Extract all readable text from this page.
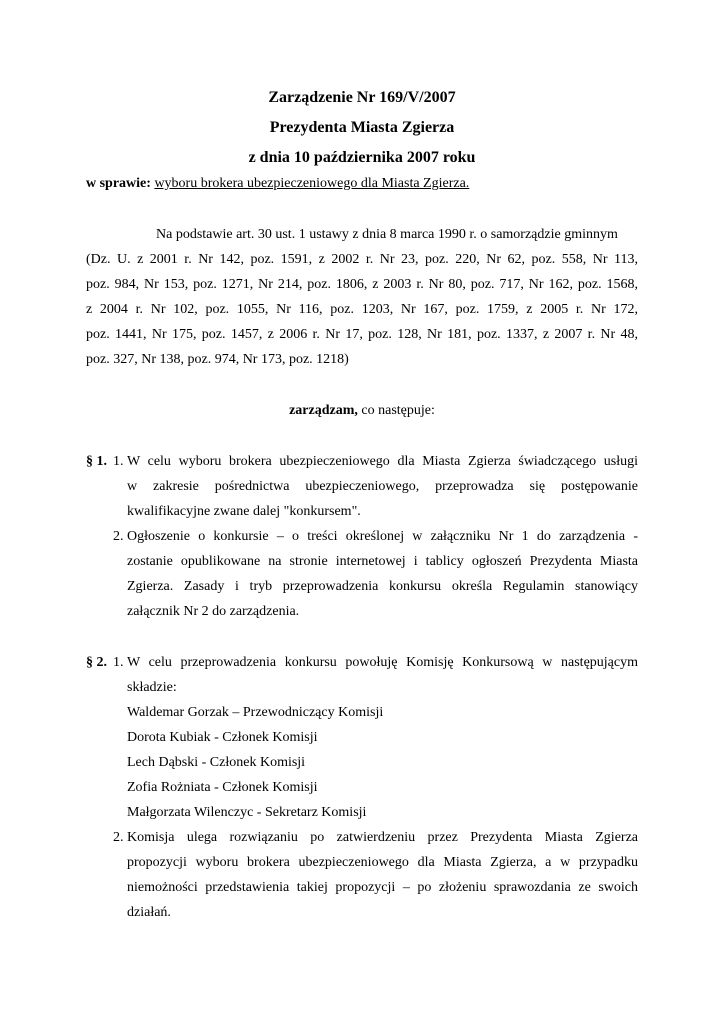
Zarządzenie Nr 169/V/2007
Prezydenta Miasta Zgierza
z dnia 10 października 2007 roku
w sprawie: wyboru brokera ubezpieczeniowego dla Miasta Zgierza.
Na podstawie art. 30 ust. 1 ustawy z dnia 8 marca 1990 r. o samorządzie gminnym
(Dz. U. z 2001 r. Nr 142, poz. 1591, z 2002 r. Nr 23, poz. 220, Nr 62, poz. 558, Nr 113,
poz. 984, Nr 153, poz. 1271, Nr 214, poz. 1806, z 2003 r. Nr 80, poz. 717, Nr 162, poz. 1568,
z 2004 r. Nr 102, poz. 1055, Nr 116, poz. 1203, Nr 167, poz. 1759, z 2005 r. Nr 172,
poz. 1441, Nr 175, poz. 1457, z 2006 r. Nr 17, poz. 128, Nr 181, poz. 1337, z 2007 r. Nr 48,
poz. 327, Nr 138, poz. 974, Nr 173, poz. 1218)
zarządzam, co następuje:
§ 1. 1. W celu wyboru brokera ubezpieczeniowego dla Miasta Zgierza świadczącego usługi
w zakresie pośrednictwa ubezpieczeniowego, przeprowadza się postępowanie
kwalifikacyjne zwane dalej "konkursem".
2. Ogłoszenie o konkursie – o treści określonej w załączniku Nr 1 do zarządzenia -
zostanie opublikowane na stronie internetowej i tablicy ogłoszeń Prezydenta Miasta
Zgierza. Zasady i tryb przeprowadzenia konkursu określa Regulamin stanowiący
załącznik Nr 2 do zarządzenia.
§ 2. 1. W celu przeprowadzenia konkursu powołuję Komisję Konkursową w następującym
składzie:
Waldemar Gorzak – Przewodniczący Komisji
Dorota Kubiak - Członek Komisji
Lech Dąbski - Członek Komisji
Zofia Rożniata - Członek Komisji
Małgorzata Wilenczyc - Sekretarz Komisji
2. Komisja ulega rozwiązaniu po zatwierdzeniu przez Prezydenta Miasta Zgierza
propozycji wyboru brokera ubezpieczeniowego dla Miasta Zgierza, a w przypadku
niemożności przedstawienia takiej propozycji – po złożeniu sprawozdania ze swoich
działań.
